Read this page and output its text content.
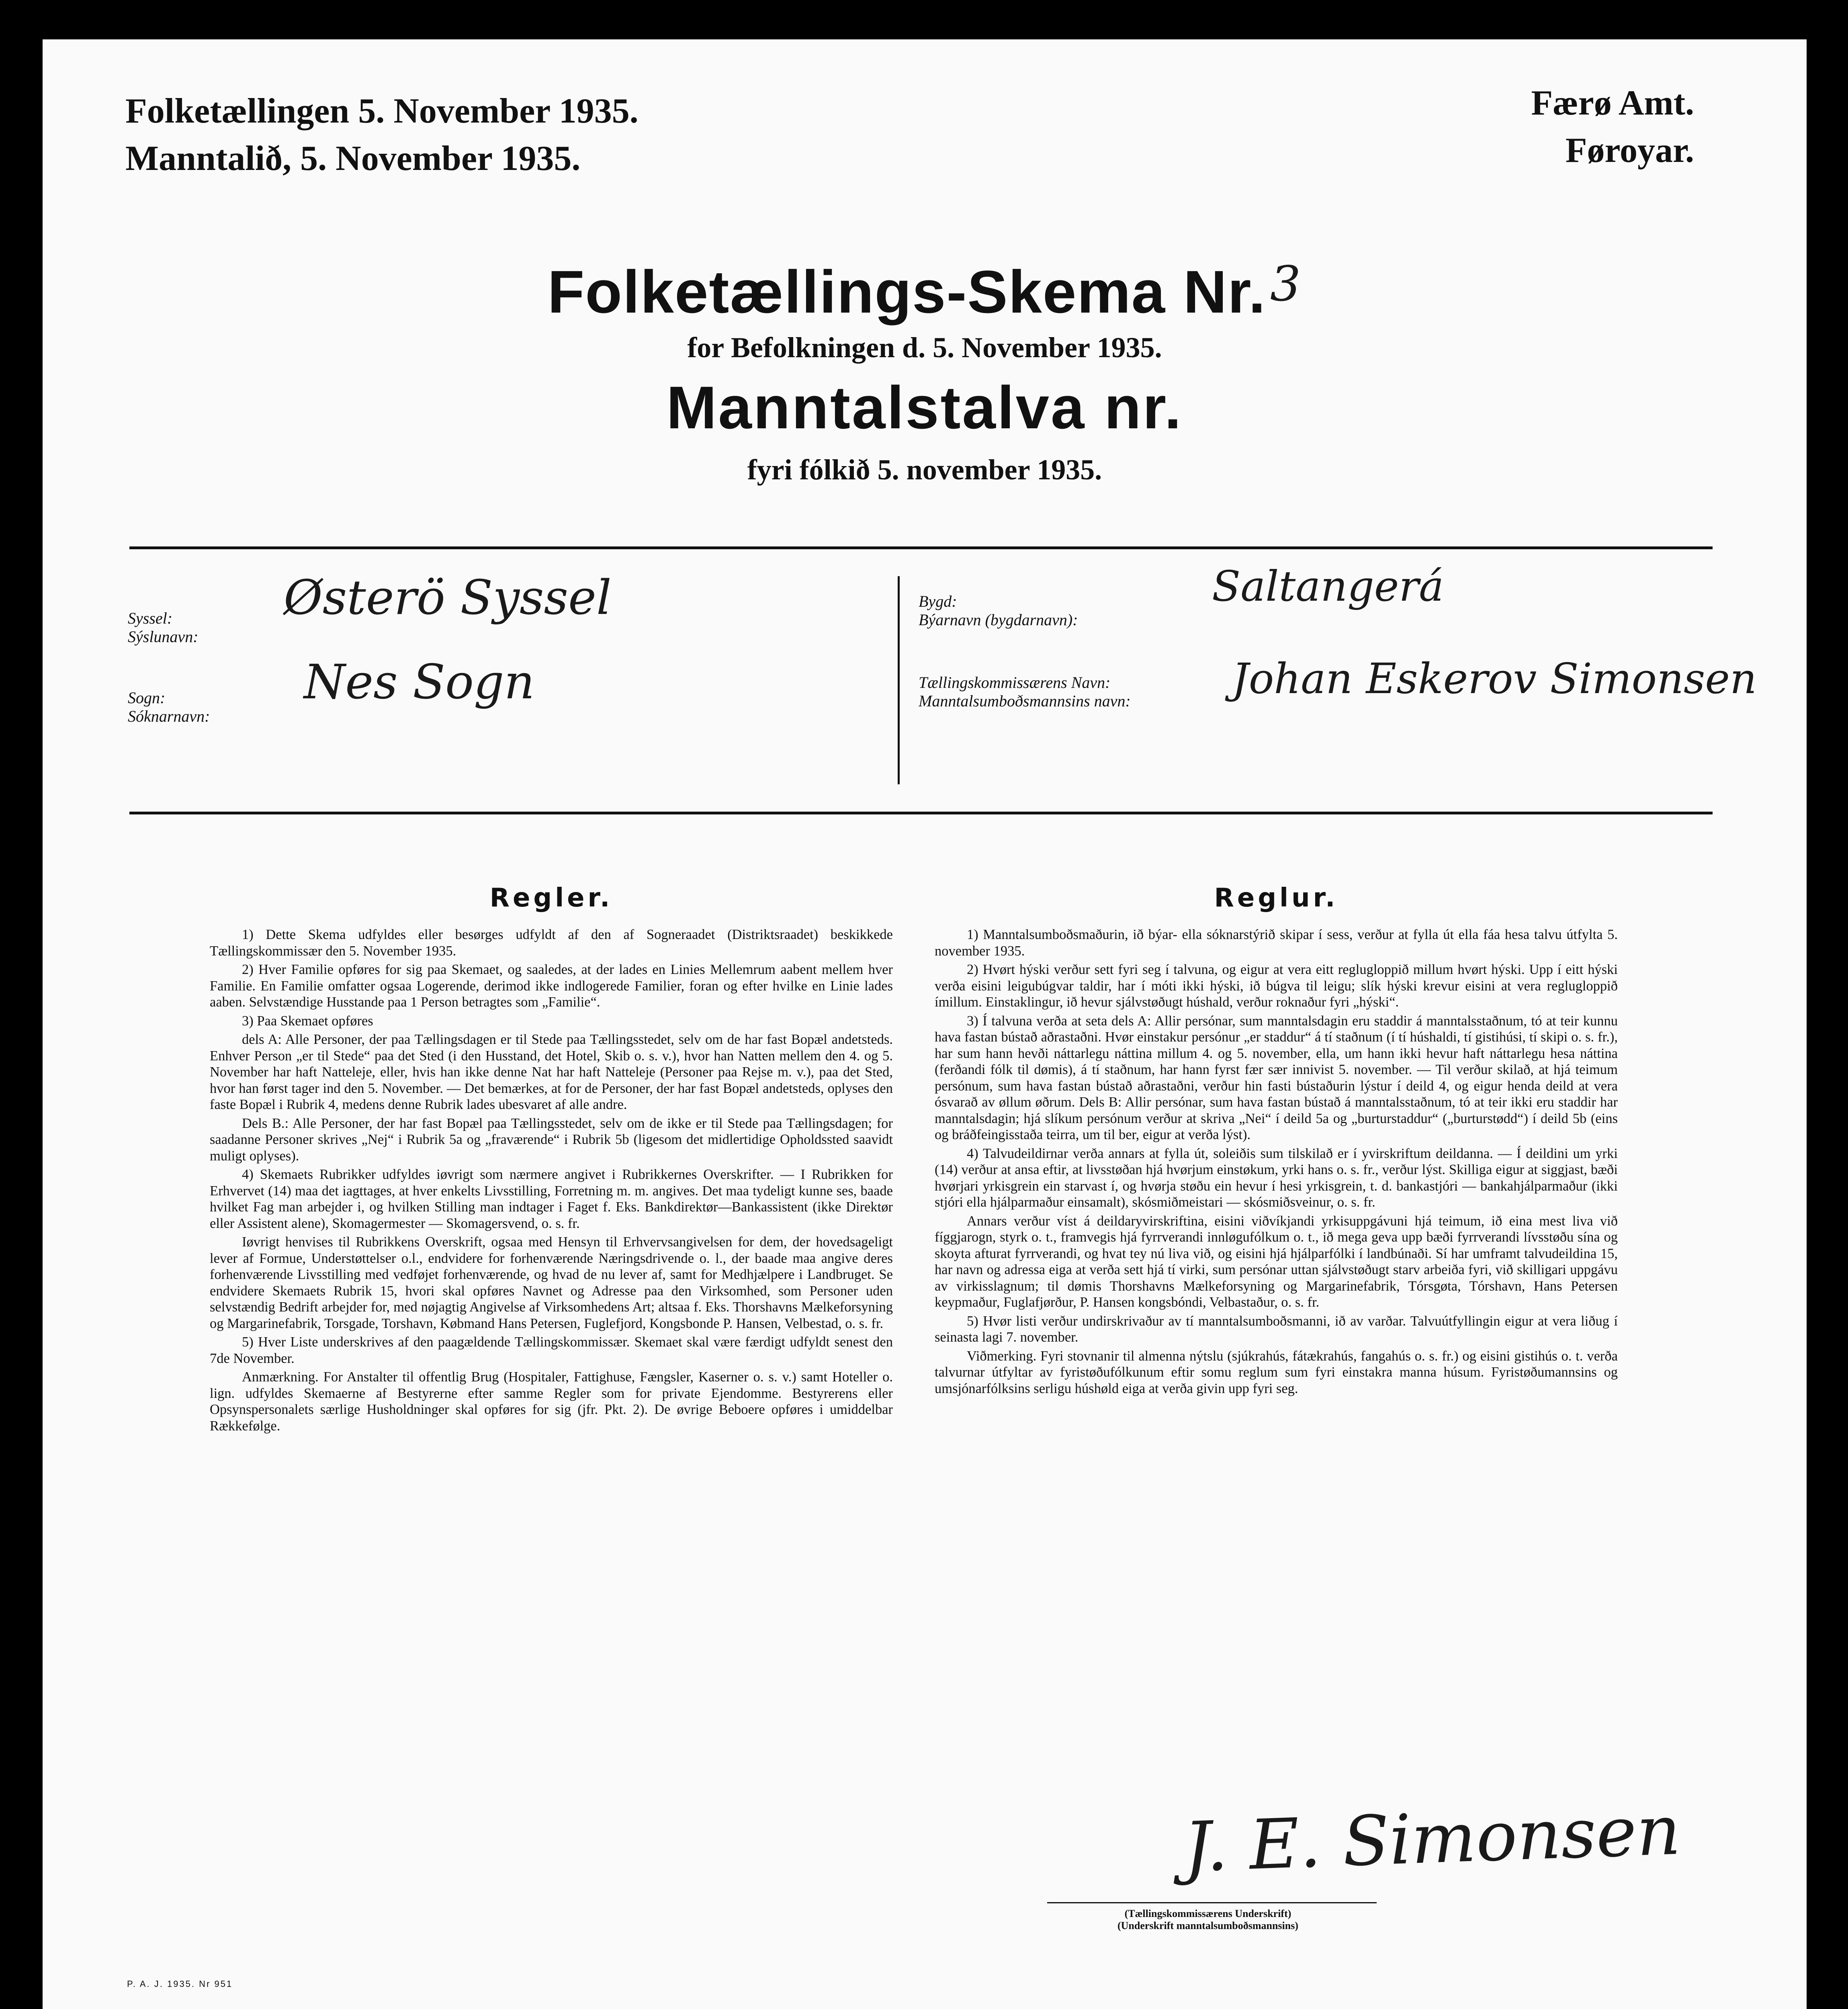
Folketællingen 5. November 1935.
Manntalið, 5. November 1935.
Færø Amt.
Føroyar.
Folketællings-Skema Nr.$^3$
for Befolkningen d. 5. November 1935.
Manntalstalva nr.
fyri fólkið 5. november 1935.
Syssel:
Sýslunavn:
Østerö Syssel
Sogn:
Sóknarnavn:
Nes Sogn
Bygd:
Býarnavn (bygdarnavn):
Saltangerá
Tællingskommissærens Navn:
Manntalsumboðsmannsins navn: Johan Eskerov Simonsen
Regler.

1) Dette Skema udfyldes eller besørges udfyldt af den af Sogneraadet (Distriktsraadet) beskikkede Tællingskommissær den 5. November 1935.

2) Hver Familie opføres for sig paa Skemaet, og saaledes, at der lades en Linies Mellemrum aabent mellem hver Familie. En Familie omfatter ogsaa Logerende, derimod ikke indlogerede Familier, foran og efter hvilke en Linie lades aaben. Selvstændige Husstande paa 1 Person betragtes som „Familie“.

3) Paa Skemaet opføres

dels A: Alle Personer, der paa Tællingsdagen er til Stede paa Tællingsstedet, selv om de har fast Bopæl andetsteds. Enhver Person „er til Stede“ paa det Sted (i den Husstand, det Hotel, Skib o. s. v.), hvor han Natten mellem den 4. og 5. November har haft Natteleje, eller, hvis han ikke denne Nat har haft Natteleje (Personer paa Rejse m. v.), paa det Sted, hvor han først tager ind den 5. November. — Det bemærkes, at for de Personer, der har fast Bopæl andetsteds, oplyses den faste Bopæl i Rubrik 4, medens denne Rubrik lades ubesvaret af alle andre.

Dels B.: Alle Personer, der har fast Bopæl paa Tællingsstedet, selv om de ikke er til Stede paa Tællingsdagen; for saadanne Personer skrives „Nej“ i Rubrik 5a og „fraværende“ i Rubrik 5b (ligesom det midlertidige Opholdssted saavidt muligt oplyses).

4) Skemaets Rubrikker udfyldes iøvrigt som nærmere angivet i Rubrikkernes Overskrifter. — I Rubrikken for Erhvervet (14) maa det iagttages, at hver enkelts Livsstilling, Forretning m. m. angives. Det maa tydeligt kunne ses, baade hvilket Fag man arbejder i, og hvilken Stilling man indtager i Faget f. Eks. Bankdirektør—Bankassistent (ikke Direktør eller Assistent alene), Skomagermester — Skomagersvend, o. s. fr.

Iøvrigt henvises til Rubrikkens Overskrift, ogsaa med Hensyn til Erhvervsangivelsen for dem, der hovedsageligt lever af Formue, Understøttelser o.l., endvidere for forhenværende Næringsdrivende o. l., der baade maa angive deres forhenværende Livsstilling med vedføjet forhenværende, og hvad de nu lever af, samt for Medhjælpere i Landbruget. Se endvidere Skemaets Rubrik 15, hvori skal opføres Navnet og Adresse paa den Virksomhed, som Personer uden selvstændig Bedrift arbejder for, med nøjagtig Angivelse af Virksomhedens Art; altsaa f. Eks. Thorshavns Mælkeforsyning og Margarinefabrik, Torsgade, Torshavn, Købmand Hans Petersen, Fuglefjord, Kongsbonde P. Hansen, Velbestad, o. s. fr.

5) Hver Liste underskrives af den paagældende Tællingskommissær. Skemaet skal være færdigt udfyldt senest den 7de November.

Anmærkning. For Anstalter til offentlig Brug (Hospitaler, Fattighuse, Fængsler, Kaserner o. s. v.) samt Hoteller o. lign. udfyldes Skemaerne af Bestyrerne efter samme Regler som for private Ejendomme. Bestyrerens eller Opsynspersonalets særlige Husholdninger skal opføres for sig (jfr. Pkt. 2). De øvrige Beboere opføres i umiddelbar Rækkefølge.

Reglur.

1) Manntalsumboðsmaðurin, ið býar- ella sóknarstýrið skipar í sess, verður at fylla út ella fáa hesa talvu útfylta 5. november 1935.

2) Hvørt hýski verður sett fyri seg í talvuna, og eigur at vera eitt reglugloppið millum hvørt hýski. Upp í eitt hýski verða eisini leigubúgvar taldir, har í móti ikki hýski, ið búgva til leigu; slík hýski krevur eisini at vera reglugloppið ímillum. Einstaklingur, ið hevur sjálvstøðugt húshald, verður roknaður fyri „hýski“.

3) Í talvuna verða at seta dels A: Allir persónar, sum manntalsdagin eru staddir á manntalsstaðnum, tó at teir kunnu hava fastan bústað aðrastaðni. Hvør einstakur persónur „er staddur“ á tí staðnum (í tí húshaldi, tí gistihúsi, tí skipi o. s. fr.), har sum hann hevði náttarlegu náttina millum 4. og 5. november, ella, um hann ikki hevur haft náttarlegu hesa náttina (ferðandi fólk til dømis), á tí staðnum, har hann fyrst fær sær innivist 5. november. — Til verður skilað, at hjá teimum persónum, sum hava fastan bústað aðrastaðni, verður hin fasti bústaðurin lýstur í deild 4, og eigur henda deild at vera ósvarað av øllum øðrum. Dels B: Allir persónar, sum hava fastan bústað á manntalsstaðnum, tó at teir ikki eru staddir har manntalsdagin; hjá slíkum persónum verður at skriva „Nei“ í deild 5a og „burturstaddur“ („burturstødd“) í deild 5b (eins og bráðfeingisstaða teirra, um til ber, eigur at verða lýst).

4) Talvudeildirnar verða annars at fylla út, soleiðis sum tilskilað er í yvirskriftum deildanna. — Í deildini um yrki (14) verður at ansa eftir, at livsstøðan hjá hvørjum einstøkum, yrki hans o. s. fr., verður lýst. Skilliga eigur at siggjast, bæði hvørjari yrkisgrein ein starvast í, og hvørja støðu ein hevur í hesi yrkisgrein, t. d. bankastjóri — bankahjálparmaður (ikki stjóri ella hjálparmaður einsamalt), skósmiðmeistari — skósmiðsveinur, o. s. fr.

Annars verður víst á deildaryvirskriftina, eisini viðvíkjandi yrkisuppgávuni hjá teimum, ið eina mest liva við fíggjarogn, styrk o. t., framvegis hjá fyrrverandi innløgufólkum o. t., ið mega geva upp bæði fyrrverandi lívsstøðu sína og skoyta afturat fyrrverandi, og hvat tey nú liva við, og eisini hjá hjálparfólki í landbúnaði. Sí har umframt talvudeildina 15, har navn og adressa eiga at verða sett hjá tí virki, sum persónar uttan sjálvstøðugt starv arbeiða fyri, við skilligari uppgávu av virkisslagnum; til dømis Thorshavns Mælkeforsyning og Margarinefabrik, Tórsgøta, Tórshavn, Hans Petersen keypmaður, Fuglafjørður, P. Hansen kongsbóndi, Velbastaður, o. s. fr.

5) Hvør listi verður undirskrivaður av tí manntalsumboðsmanni, ið av varðar. Talvuútfyllingin eigur at vera liðug í seinasta lagi 7. november.

Viðmerking. Fyri stovnanir til almenna nýtslu (sjúkrahús, fátækrahús, fangahús o. s. fr.) og eisini gistihús o. t. verða talvurnar útfyltar av fyristøðufólkunum eftir somu reglum sum fyri einstakra manna húsum. Fyristøðumannsins og umsjónarfólksins serligu húshøld eiga at verða givin upp fyri seg.

J. E. Simonsen
(Tællingskommissærens Underskrift)
(Underskrift manntalsumboðsmannsins)
P. A. J. 1935. Nr 951
